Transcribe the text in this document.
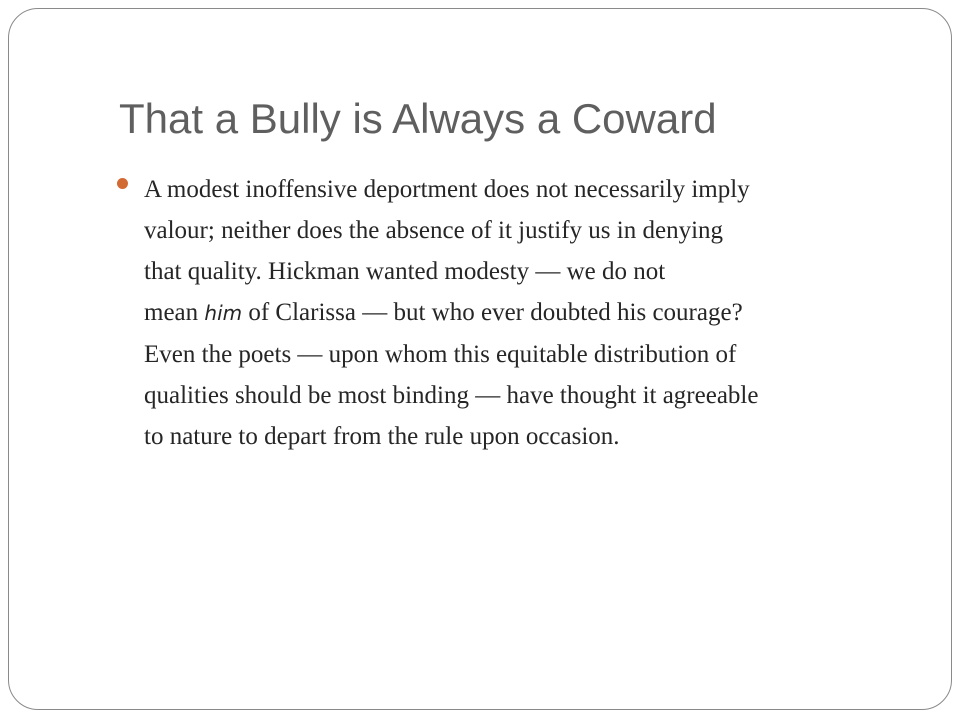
That a Bully is Always a Coward
A modest inoffensive deportment does not necessarily imply
valour; neither does the absence of it justify us in denying
that quality. Hickman wanted modesty — we do not
mean him of Clarissa — but who ever doubted his courage?
Even the poets — upon whom this equitable distribution of
qualities should be most binding — have thought it agreeable
to nature to depart from the rule upon occasion.
